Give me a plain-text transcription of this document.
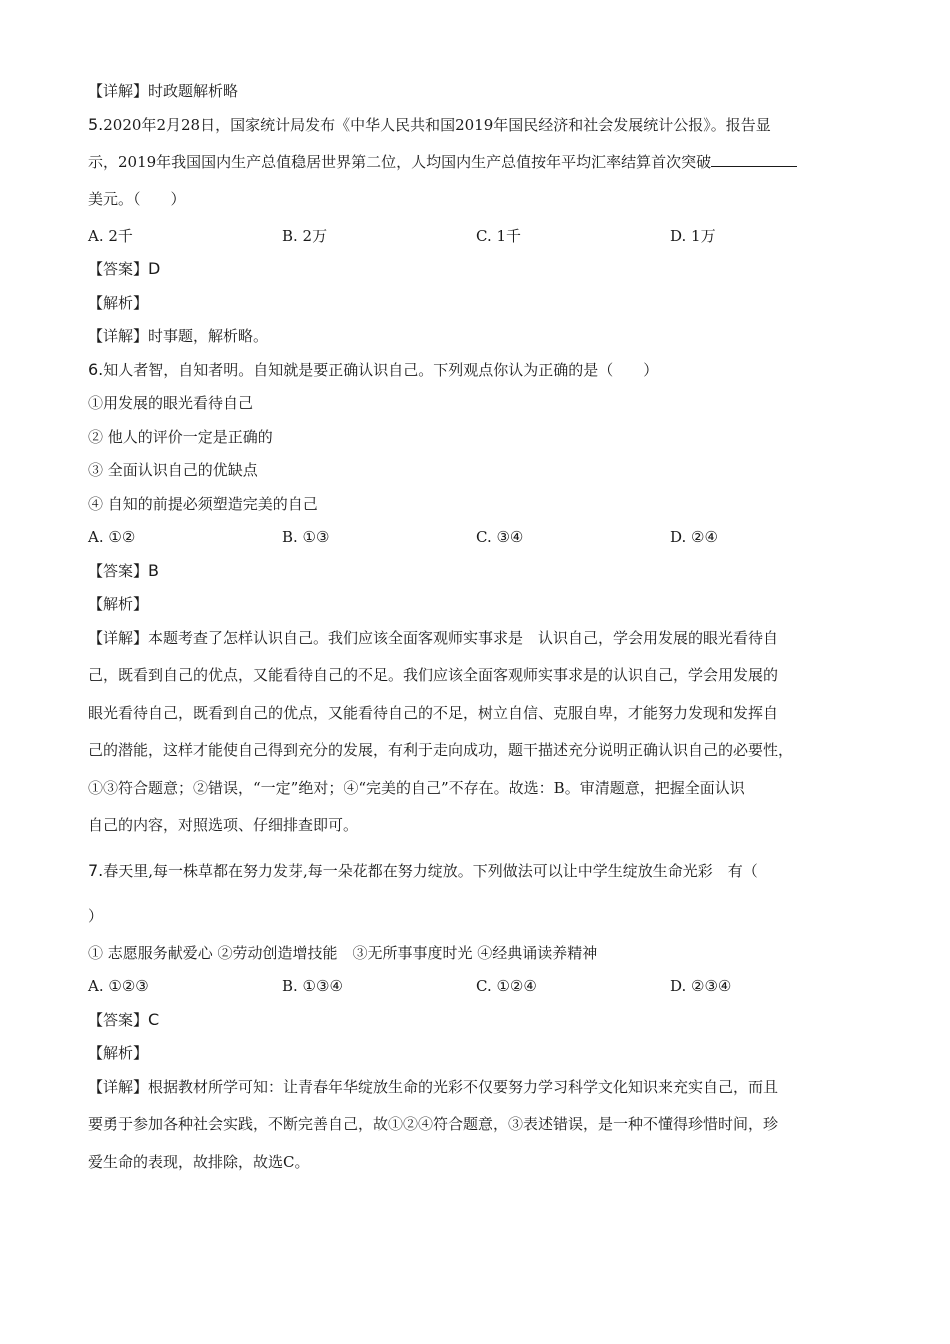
【详解】时政题解析略
5.2020年2月28日，国家统计局发布《中华人民共和国2019年国民经济和社会发展统计公报》。报告显
示，2019年我国国内生产总值稳居世界第二位，人均国内生产总值按年平均汇率结算首次突破
美元。（　　）
A. 2千	B. 2万	C. 1千	D. 1万
【答案】D
【解析】
【详解】时事题，解析略。
6.知人者智，自知者明。自知就是要正确认识自己。下列观点你认为正确的是（　　）
①用发展的眼光看待自己
② 他人的评价一定是正确的
③ 全面认识自己的优缺点
④ 自知的前提必须塑造完美的自己
A. ①②	B. ①③	C. ③④	D. ②④
【答案】B
【解析】
【详解】本题考查了怎样认识自己。我们应该全面客观师实事求是　认识自己，学会用发展的眼光看待自
己，既看到自己的优点，又能看待自己的不足。我们应该全面客观师实事求是的认识自己，学会用发展的
眼光看待自己，既看到自己的优点，又能看待自己的不足，树立自信、克服自卑，才能努力发现和发挥自
己的潜能，这样才能使自己得到充分的发展，有利于走向成功，题干描述充分说明正确认识自己的必要性，
①③符合题意；②错误，“一定”绝对；④“完美的自己”不存在。故选：B。审清题意，把握全面认识
自己的内容，对照选项、仔细排查即可。
7.春天里,每一株草都在努力发芽,每一朵花都在努力绽放。下列做法可以让中学生绽放生命光彩　有（
）
① 志愿服务献爱心 ②劳动创造增技能　③无所事事度时光 ④经典诵读养精神
A. ①②③	B. ①③④	C. ①②④	D. ②③④
【答案】C
【解析】
【详解】根据教材所学可知：让青春年华绽放生命的光彩不仅要努力学习科学文化知识来充实自己，而且
要勇于参加各种社会实践，不断完善自己，故①②④符合题意，③表述错误，是一种不懂得珍惜时间，珍
爱生命的表现，故排除，故选C。
